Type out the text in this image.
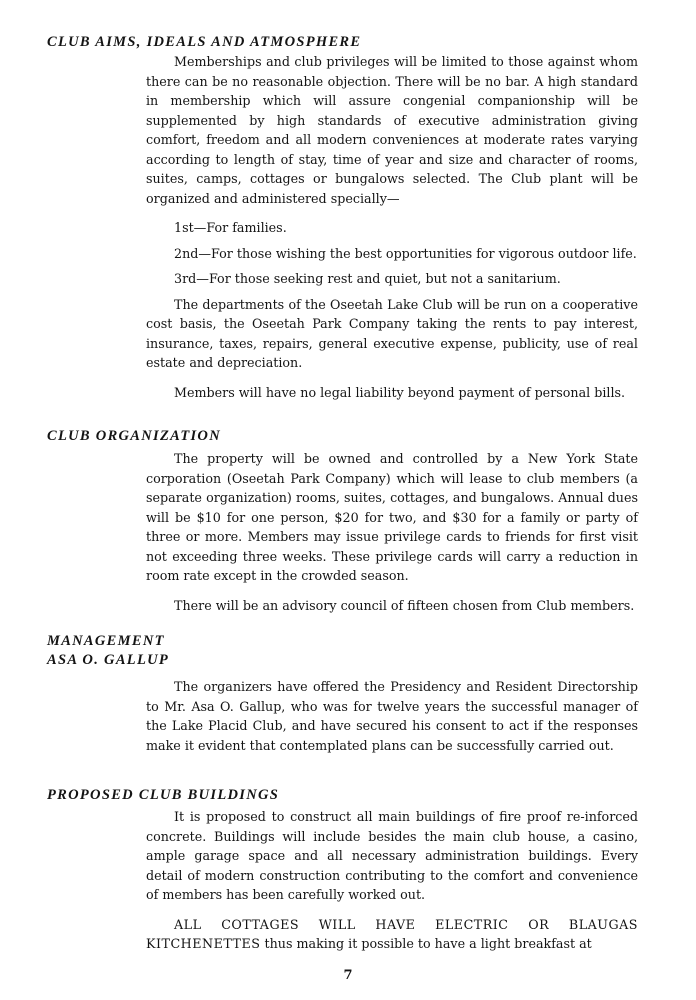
CLUB AIMS, IDEALS AND ATMOSPHERE

Memberships and club privileges will be limited to those against whom there can be no reasonable objection. There will be no bar. A high standard in membership which will assure congenial companionship will be supplemented by high standards of executive administration giving comfort, freedom and all modern conveniences at moderate rates varying according to length of stay, time of year and size and character of rooms, suites, camps, cottages or bungalows selected. The Club plant will be organized and administered specially—

1st—For families.
2nd—For those wishing the best opportunities for vigorous outdoor life.
3rd—For those seeking rest and quiet, but not a sanitarium.

The departments of the Oseetah Lake Club will be run on a cooperative cost basis, the Oseetah Park Company taking the rents to pay interest, insurance, taxes, repairs, general executive expense, publicity, use of real estate and depreciation.

Members will have no legal liability beyond payment of personal bills.

CLUB ORGANIZATION

The property will be owned and controlled by a New York State corporation (Oseetah Park Company) which will lease to club members (a separate organization) rooms, suites, cottages, and bungalows. Annual dues will be $10 for one person, $20 for two, and $30 for a family or party of three or more. Members may issue privilege cards to friends for first visit not exceeding three weeks. These privilege cards will carry a reduction in room rate except in the crowded season.

There will be an advisory council of fifteen chosen from Club members.

MANAGEMENT
ASA O. GALLUP

The organizers have offered the Presidency and Resident Directorship to Mr. Asa O. Gallup, who was for twelve years the successful manager of the Lake Placid Club, and have secured his consent to act if the responses make it evident that contemplated plans can be successfully carried out.

PROPOSED CLUB BUILDINGS

It is proposed to construct all main buildings of fire proof re-inforced concrete. Buildings will include besides the main club house, a casino, ample garage space and all necessary administration buildings. Every detail of modern construction contributing to the comfort and convenience of members has been carefully worked out.

ALL COTTAGES WILL HAVE ELECTRIC OR BLAUGAS KITCHENETTES thus making it possible to have a light breakfast at

7
